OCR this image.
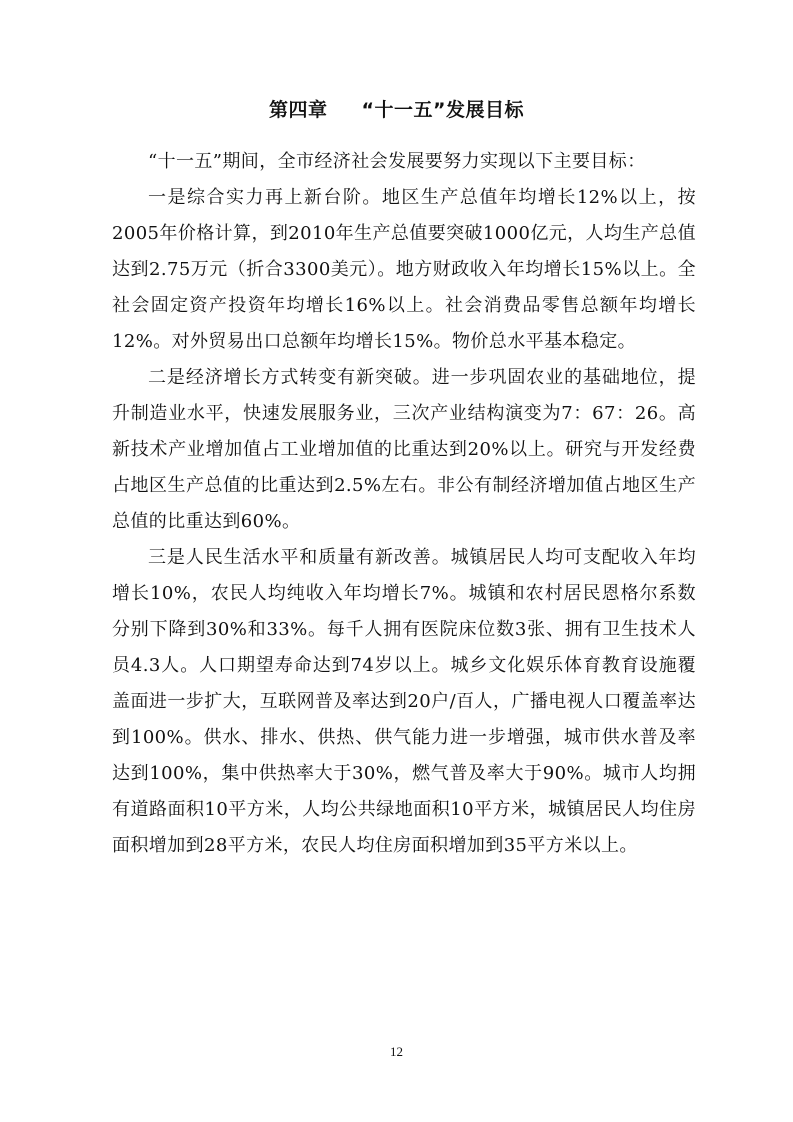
第四章 “十一五”发展目标

“十一五”期间，全市经济社会发展要努力实现以下主要目标：

一是综合实力再上新台阶。地区生产总值年均增长12%以上，按2005年价格计算，到2010年生产总值要突破1000亿元，人均生产总值达到2.75万元（折合3300美元）。地方财政收入年均增长15%以上。全社会固定资产投资年均增长16%以上。社会消费品零售总额年均增长12%。对外贸易出口总额年均增长15%。物价总水平基本稳定。

二是经济增长方式转变有新突破。进一步巩固农业的基础地位，提升制造业水平，快速发展服务业，三次产业结构演变为7：67：26。高新技术产业增加值占工业增加值的比重达到20%以上。研究与开发经费占地区生产总值的比重达到2.5%左右。非公有制经济增加值占地区生产总值的比重达到60%。

三是人民生活水平和质量有新改善。城镇居民人均可支配收入年均增长10%，农民人均纯收入年均增长7%。城镇和农村居民恩格尔系数分别下降到30%和33%。每千人拥有医院床位数3张、拥有卫生技术人员4.3人。人口期望寿命达到74岁以上。城乡文化娱乐体育教育设施覆盖面进一步扩大，互联网普及率达到20户/百人，广播电视人口覆盖率达到100%。供水、排水、供热、供气能力进一步增强，城市供水普及率达到100%，集中供热率大于30%，燃气普及率大于90%。城市人均拥有道路面积10平方米，人均公共绿地面积10平方米，城镇居民人均住房面积增加到28平方米，农民人均住房面积增加到35平方米以上。

12
